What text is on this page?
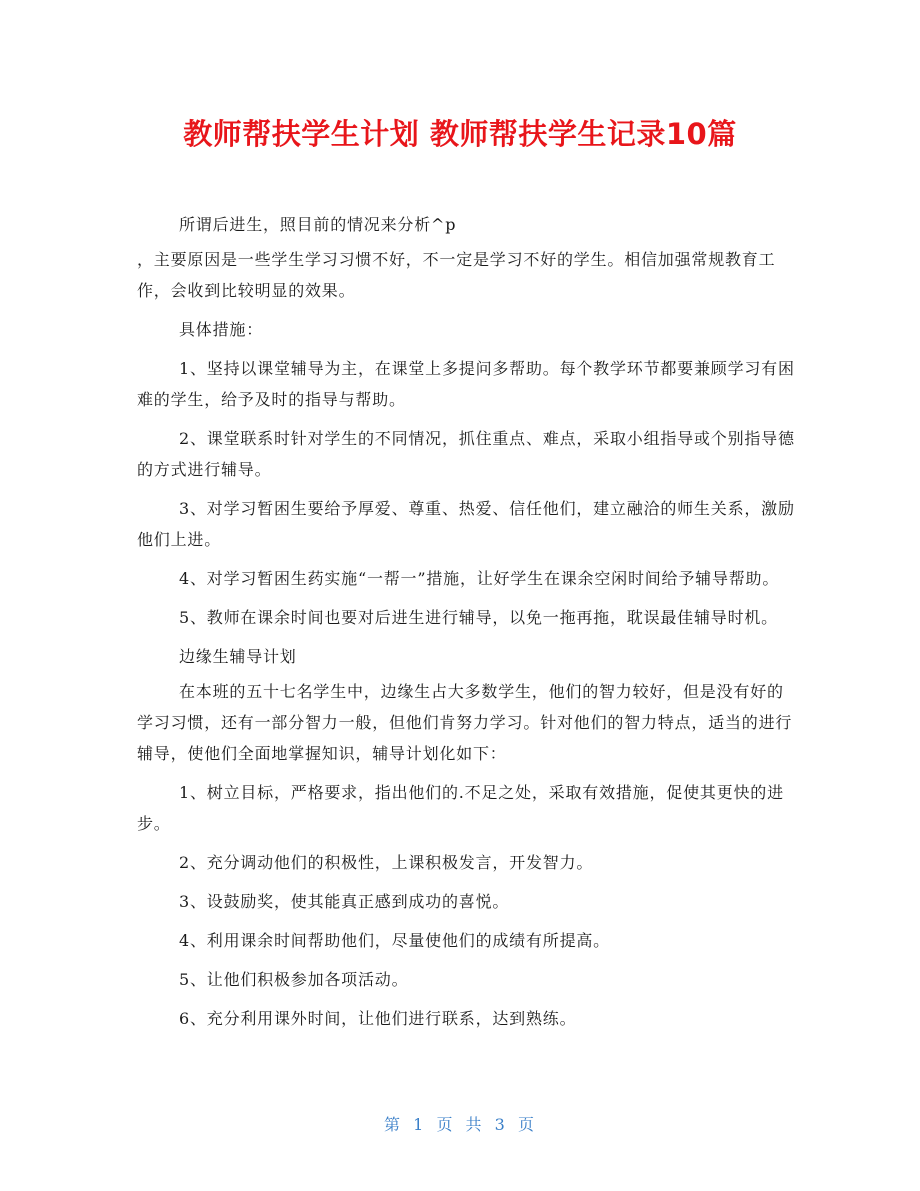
教师帮扶学生计划 教师帮扶学生记录10篇

所谓后进生，照目前的情况来分析^p

，主要原因是一些学生学习习惯不好，不一定是学习不好的学生。相信加强常规教育工作，会收到比较明显的效果。

具体措施：

1、坚持以课堂辅导为主，在课堂上多提问多帮助。每个教学环节都要兼顾学习有困难的学生，给予及时的指导与帮助。

2、课堂联系时针对学生的不同情况，抓住重点、难点，采取小组指导或个别指导德的方式进行辅导。

3、对学习暂困生要给予厚爱、尊重、热爱、信任他们，建立融洽的师生关系，激励他们上进。

4、对学习暂困生药实施“一帮一”措施，让好学生在课余空闲时间给予辅导帮助。

5、教师在课余时间也要对后进生进行辅导，以免一拖再拖，耽误最佳辅导时机。

边缘生辅导计划

在本班的五十七名学生中，边缘生占大多数学生，他们的智力较好，但是没有好的学习习惯，还有一部分智力一般，但他们肯努力学习。针对他们的智力特点，适当的进行辅导，使他们全面地掌握知识，辅导计划化如下：

1、树立目标，严格要求，指出他们的.不足之处，采取有效措施，促使其更快的进步。

2、充分调动他们的积极性，上课积极发言，开发智力。

3、设鼓励奖，使其能真正感到成功的喜悦。

4、利用课余时间帮助他们，尽量使他们的成绩有所提高。

5、让他们积极参加各项活动。

6、充分利用课外时间，让他们进行联系，达到熟练。

第 1 页 共 3 页
